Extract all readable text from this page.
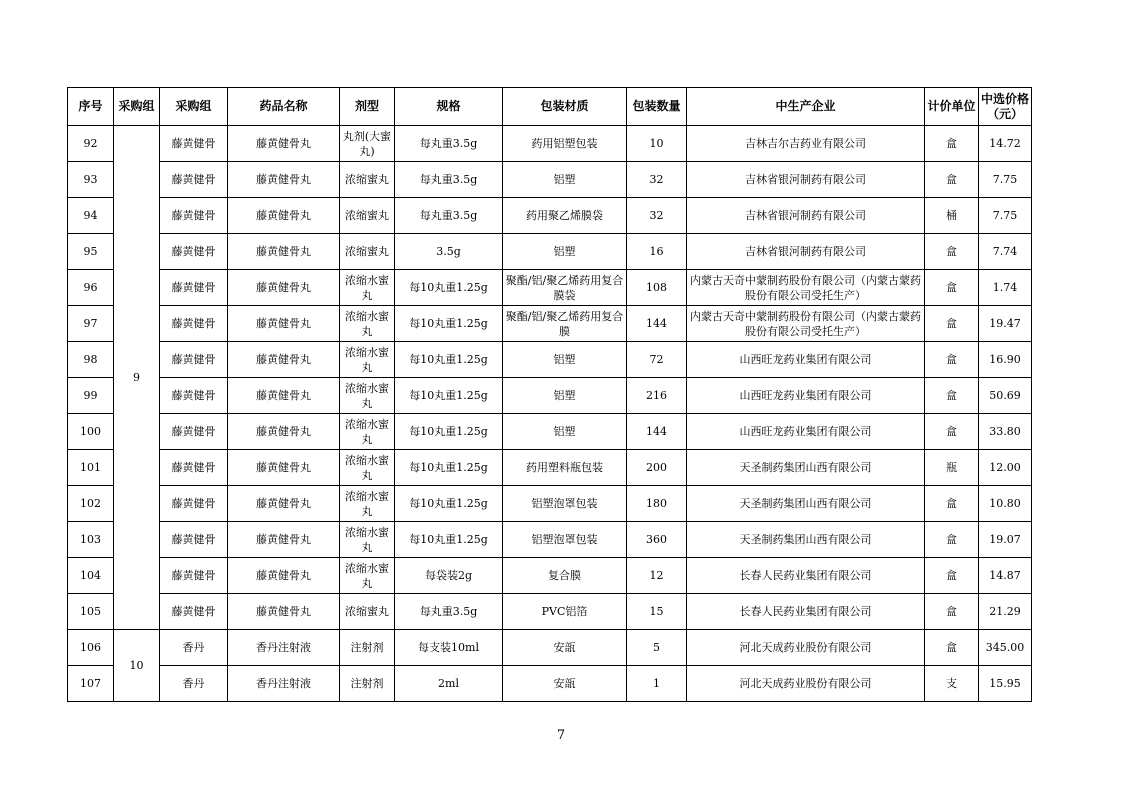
序号	采购组	采购组	药品名称	剂型	规格	包装材质	包装数量	中生产企业	计价单位	中选价格（元）
92	9	藤黄健骨	藤黄健骨丸	丸剂(大蜜丸)	每丸重3.5g	药用铝塑包装	10	吉林吉尔吉药业有限公司	盒	14.72
93		藤黄健骨	藤黄健骨丸	浓缩蜜丸	每丸重3.5g	铝塑	32	吉林省银河制药有限公司	盒	7.75
94		藤黄健骨	藤黄健骨丸	浓缩蜜丸	每丸重3.5g	药用聚乙烯膜袋	32	吉林省银河制药有限公司	桶	7.75
95		藤黄健骨	藤黄健骨丸	浓缩蜜丸	3.5g	铝塑	16	吉林省银河制药有限公司	盒	7.74
96		藤黄健骨	藤黄健骨丸	浓缩水蜜丸	每10丸重1.25g	聚酯/铝/聚乙烯药用复合膜袋	108	内蒙古天奇中蒙制药股份有限公司（内蒙古蒙药股份有限公司受托生产）	盒	1.74
97		藤黄健骨	藤黄健骨丸	浓缩水蜜丸	每10丸重1.25g	聚酯/铝/聚乙烯药用复合膜	144	内蒙古天奇中蒙制药股份有限公司（内蒙古蒙药股份有限公司受托生产）	盒	19.47
98		藤黄健骨	藤黄健骨丸	浓缩水蜜丸	每10丸重1.25g	铝塑	72	山西旺龙药业集团有限公司	盒	16.90
99		藤黄健骨	藤黄健骨丸	浓缩水蜜丸	每10丸重1.25g	铝塑	216	山西旺龙药业集团有限公司	盒	50.69
100		藤黄健骨	藤黄健骨丸	浓缩水蜜丸	每10丸重1.25g	铝塑	144	山西旺龙药业集团有限公司	盒	33.80
101		藤黄健骨	藤黄健骨丸	浓缩水蜜丸	每10丸重1.25g	药用塑料瓶包装	200	天圣制药集团山西有限公司	瓶	12.00
102		藤黄健骨	藤黄健骨丸	浓缩水蜜丸	每10丸重1.25g	铝塑泡罩包装	180	天圣制药集团山西有限公司	盒	10.80
103		藤黄健骨	藤黄健骨丸	浓缩水蜜丸	每10丸重1.25g	铝塑泡罩包装	360	天圣制药集团山西有限公司	盒	19.07
104		藤黄健骨	藤黄健骨丸	浓缩水蜜丸	每袋装2g	复合膜	12	长春人民药业集团有限公司	盒	14.87
105		藤黄健骨	藤黄健骨丸	浓缩蜜丸	每丸重3.5g	PVC铝箔	15	长春人民药业集团有限公司	盒	21.29
106	10	香丹	香丹注射液	注射剂	每支装10ml	安瓿	5	河北天成药业股份有限公司	盒	345.00
107		香丹	香丹注射液	注射剂	2ml	安瓿	1	河北天成药业股份有限公司	支	15.95
7
